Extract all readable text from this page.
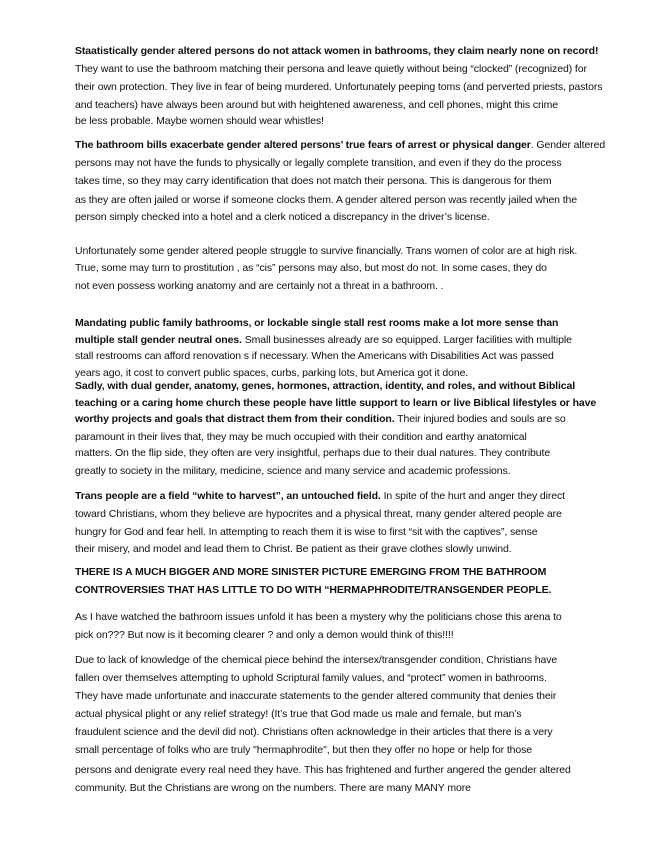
Staatistically gender altered persons do not attack women in bathrooms, they claim nearly none on record!
They want to use the bathroom matching their persona and leave quietly without being “clocked” (recognized) for
their own protection. They live in fear of being murdered. Unfortunately peeping toms (and perverted priests, pastors
and teachers) have always been around but with heightened awareness, and cell phones, might this crime
be less probable. Maybe women should wear whistles!
The bathroom bills exacerbate gender altered persons’ true fears of arrest or physical danger. Gender altered
persons may not have the funds to physically or legally complete transition, and even if they do the process
takes time, so they may carry identification that does not match their persona. This is dangerous for them
as they are often jailed or worse if someone clocks them. A gender altered person was recently jailed when the
person simply checked into a hotel and a clerk noticed a discrepancy in the driver’s license.
Unfortunately some gender altered people struggle to survive financially. Trans women of color are at high risk.
True, some may turn to prostitution , as “cis” persons may also, but most do not. In some cases, they do
not even possess working anatomy and are certainly not a threat in a bathroom. .
Mandating public family bathrooms, or lockable single stall rest rooms make a lot more sense than
multiple stall gender neutral ones. Small businesses already are so equipped. Larger facilities with multiple
stall restrooms can afford renovation s if necessary. When the Americans with Disabilities Act was passed
years ago, it cost to convert public spaces, curbs, parking lots, but America got it done.
Sadly, with dual gender, anatomy, genes, hormones, attraction, identity, and roles, and without Biblical
teaching or a caring home church these people have little support to learn or live Biblical lifestyles or have
worthy projects and goals that distract them from their condition. Their injured bodies and souls are so
paramount in their lives that, they may be much occupied with their condition and earthy anatomical
matters. On the flip side, they often are very insightful, perhaps due to their dual natures. They contribute
greatly to society in the military, medicine, science and many service and academic professions.
Trans people are a field “white to harvest”, an untouched field. In spite of the hurt and anger they direct
toward Christians, whom they believe are hypocrites and a physical threat, many gender altered people are
hungry for God and fear hell. In attempting to reach them it is wise to first “sit with the captives”, sense
their misery, and model and lead them to Christ. Be patient as their grave clothes slowly unwind.
THERE IS A MUCH BIGGER AND MORE SINISTER PICTURE EMERGING FROM THE BATHROOM
CONTROVERSIES THAT HAS LITTLE TO DO WITH “HERMAPHRODITE/TRANSGENDER PEOPLE.
As I have watched the bathroom issues unfold it has been a mystery why the politicians chose this arena to
pick on??? But now is it becoming clearer ? and only a demon would think of this!!!!
Due to lack of knowledge of the chemical piece behind the intersex/transgender condition, Christians have
fallen over themselves attempting to uphold Scriptural family values, and “protect” women in bathrooms.
They have made unfortunate and inaccurate statements to the gender altered community that denies their
actual physical plight or any relief strategy! (It’s true that God made us male and female, but man’s
fraudulent science and the devil did not). Christians often acknowledge in their articles that there is a very
small percentage of folks who are truly "hermaphrodite", but then they offer no hope or help for those
persons and denigrate every real need they have. This has frightened and further angered the gender altered
community. But the Christians are wrong on the numbers. There are many MANY more
